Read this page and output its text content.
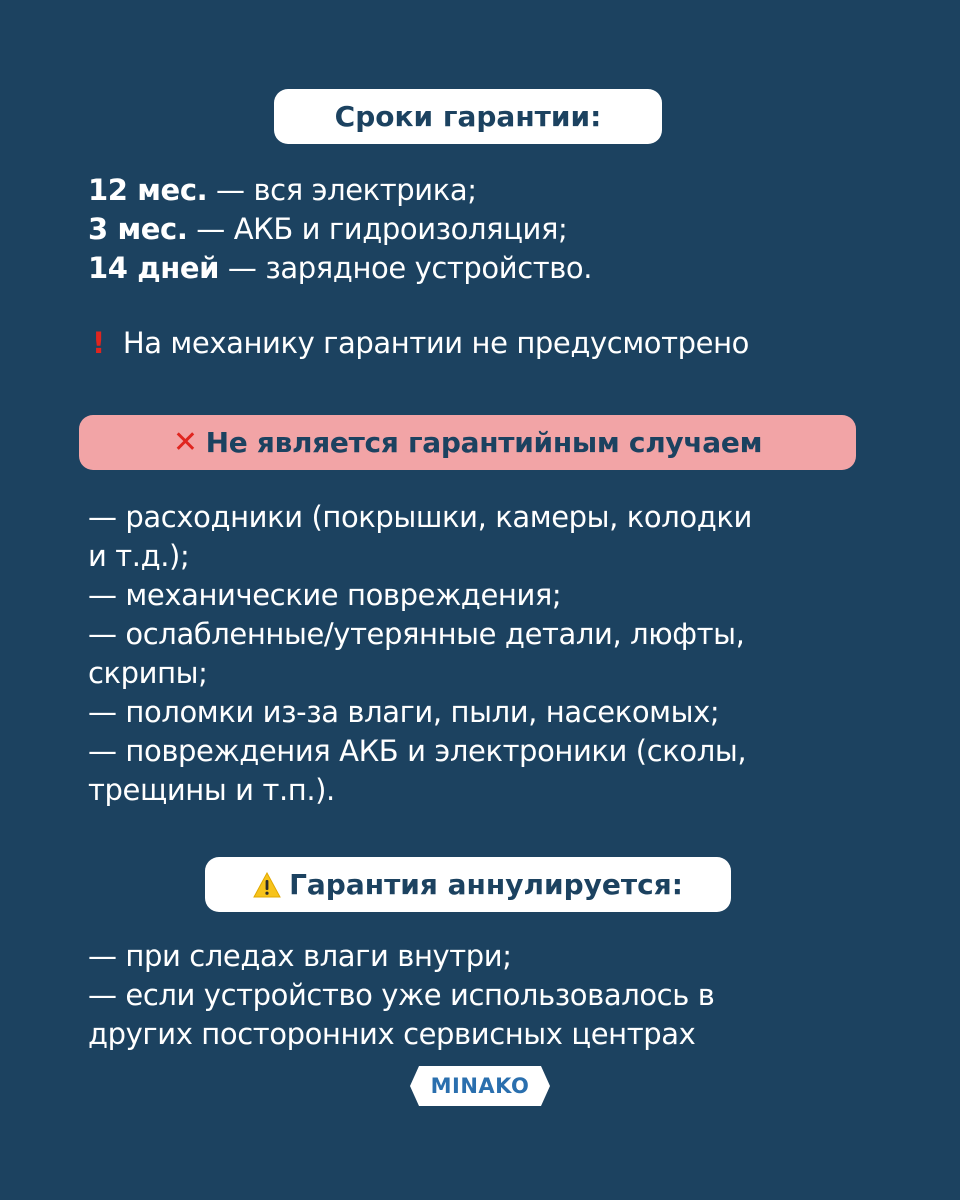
Сроки гарантии:
12 мес. — вся электрика;
3 мес. — АКБ и гидроизоляция;
14 дней — зарядное устройство.
! На механику гарантии не предусмотрено
✕ Не является гарантийным случаем
— расходники (покрышки, камеры, колодки
и т.д.);
— механические повреждения;
— ослабленные/утерянные детали, люфты,
скрипы;
— поломки из-за влаги, пыли, насекомых;
— повреждения АКБ и электроники (сколы,
трещины и т.п.).
Гарантия аннулируется:
— при следах влаги внутри;
— если устройство уже использовалось в
других посторонних сервисных центрах
MINAKO
